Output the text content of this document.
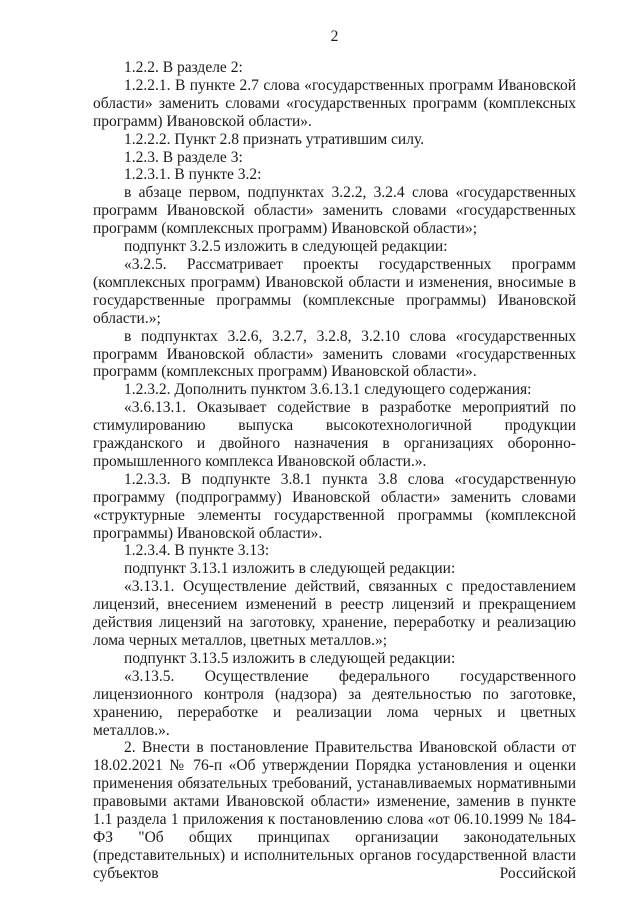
2

1.2.2. В разделе 2:

1.2.2.1. В пункте 2.7 слова «государственных программ Ивановской области» заменить словами «государственных программ (комплексных программ) Ивановской области».

1.2.2.2. Пункт 2.8 признать утратившим силу.

1.2.3. В разделе 3:

1.2.3.1. В пункте 3.2:

в абзаце первом, подпунктах 3.2.2, 3.2.4 слова «государственных программ Ивановской области» заменить словами «государственных программ (комплексных программ) Ивановской области»;

подпункт 3.2.5 изложить в следующей редакции:

«3.2.5. Рассматривает проекты государственных программ (комплексных программ) Ивановской области и изменения, вносимые в государственные программы (комплексные программы) Ивановской области.»;

в подпунктах 3.2.6, 3.2.7, 3.2.8, 3.2.10 слова «государственных программ Ивановской области» заменить словами «государственных программ (комплексных программ) Ивановской области».

1.2.3.2. Дополнить пунктом 3.6.13.1 следующего содержания:

«3.6.13.1. Оказывает содействие в разработке мероприятий по стимулированию выпуска высокотехнологичной продукции гражданского и двойного назначения в организациях оборонно-промышленного комплекса Ивановской области.».

1.2.3.3. В подпункте 3.8.1 пункта 3.8 слова «государственную программу (подпрограмму) Ивановской области» заменить словами «структурные элементы государственной программы (комплексной программы) Ивановской области».

1.2.3.4. В пункте 3.13:

подпункт 3.13.1 изложить в следующей редакции:

«3.13.1. Осуществление действий, связанных с предоставлением лицензий, внесением изменений в реестр лицензий и прекращением действия лицензий на заготовку, хранение, переработку и реализацию лома черных металлов, цветных металлов.»;

подпункт 3.13.5 изложить в следующей редакции:

«3.13.5. Осуществление федерального государственного лицензионного контроля (надзора) за деятельностью по заготовке, хранению, переработке и реализации лома черных и цветных металлов.».

2. Внести в постановление Правительства Ивановской области от 18.02.2021 № 76-п «Об утверждении Порядка установления и оценки применения обязательных требований, устанавливаемых нормативными правовыми актами Ивановской области» изменение, заменив в пункте 1.1 раздела 1 приложения к постановлению слова «от 06.10.1999 № 184-ФЗ "Об общих принципах организации законодательных (представительных) и исполнительных органов государственной власти субъектов Российской
